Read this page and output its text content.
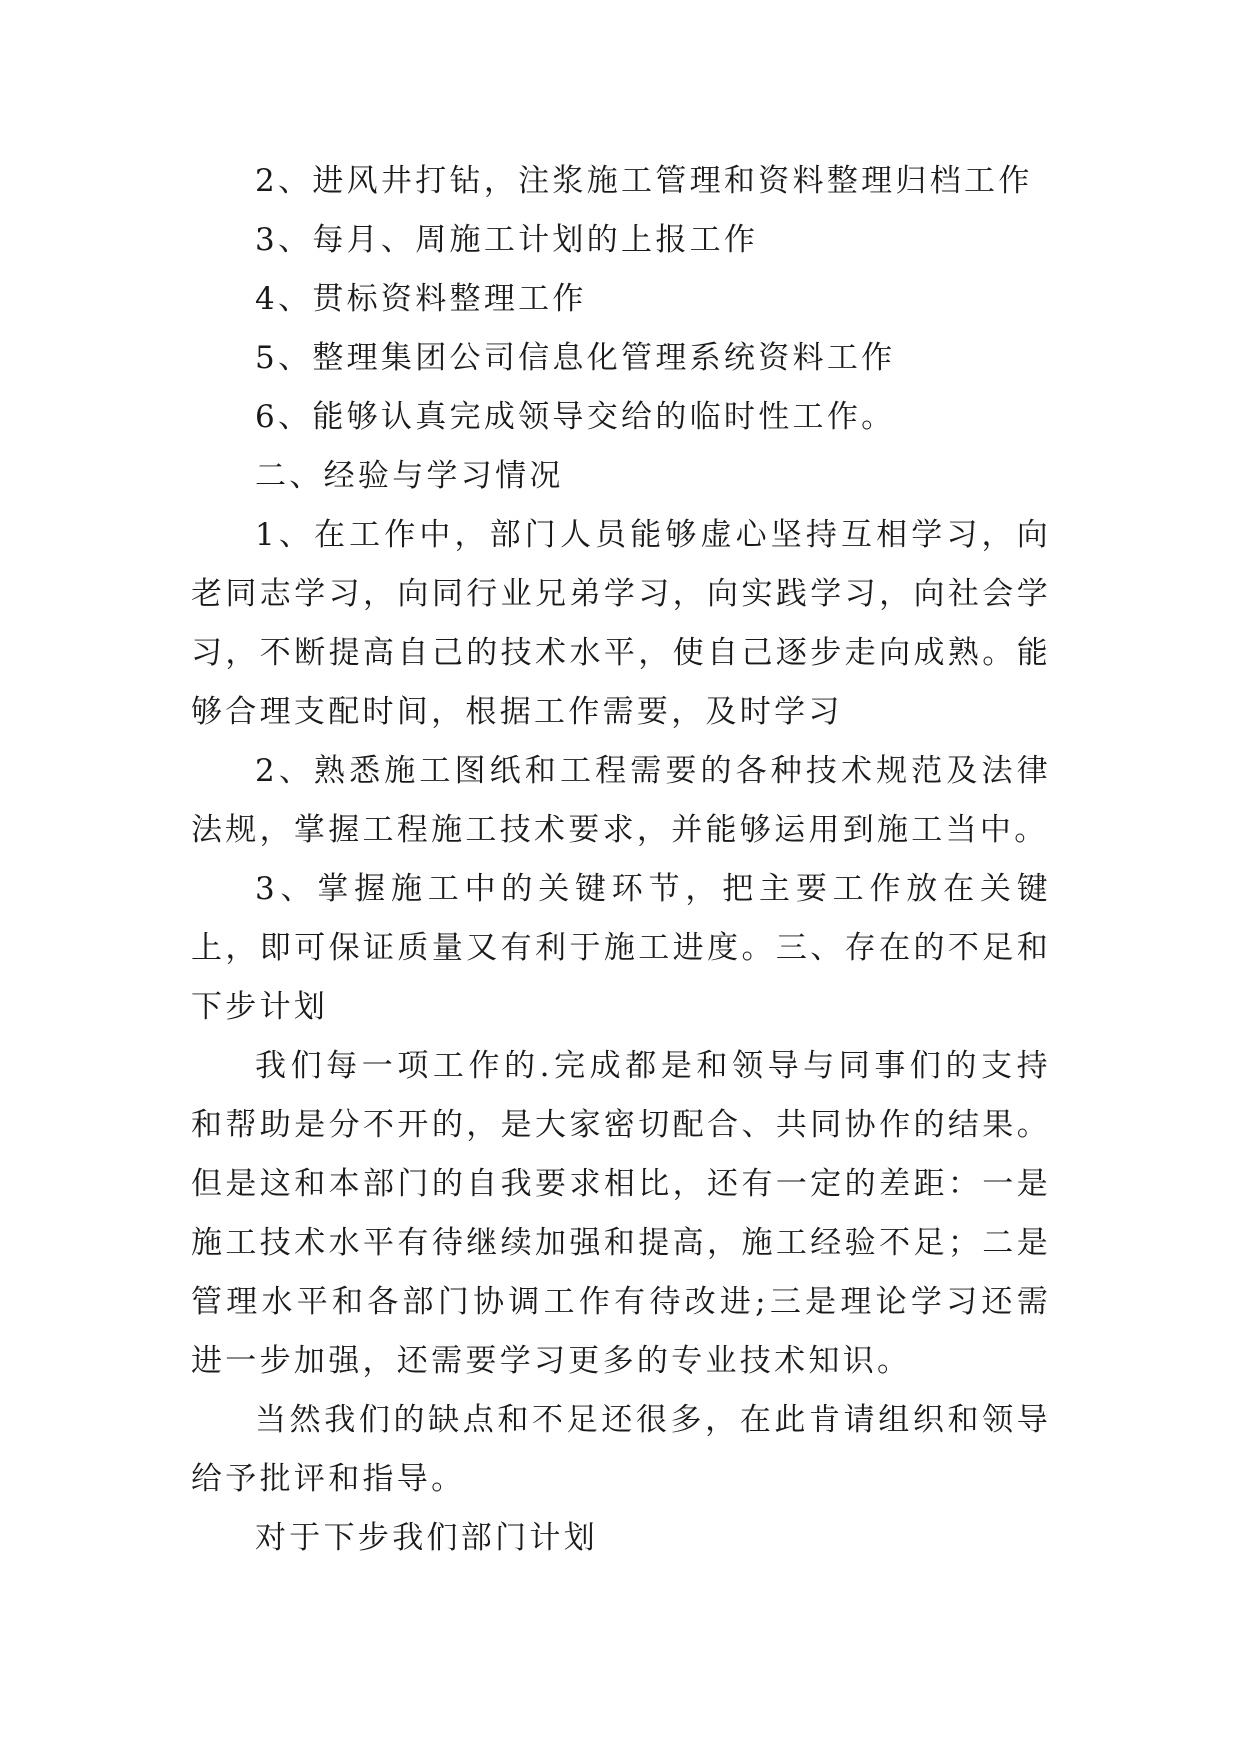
2、进风井打钻，注浆施工管理和资料整理归档工作

3、每月、周施工计划的上报工作

4、贯标资料整理工作

5、整理集团公司信息化管理系统资料工作

6、能够认真完成领导交给的临时性工作。

二、经验与学习情况

1、在工作中，部门人员能够虚心坚持互相学习，向老同志学习，向同行业兄弟学习，向实践学习，向社会学习，不断提高自己的技术水平，使自己逐步走向成熟。能够合理支配时间，根据工作需要，及时学习

2、熟悉施工图纸和工程需要的各种技术规范及法律法规，掌握工程施工技术要求，并能够运用到施工当中。

3、掌握施工中的关键环节，把主要工作放在关键上，即可保证质量又有利于施工进度。三、存在的不足和下步计划

我们每一项工作的.完成都是和领导与同事们的支持和帮助是分不开的，是大家密切配合、共同协作的结果。但是这和本部门的自我要求相比，还有一定的差距：一是施工技术水平有待继续加强和提高，施工经验不足；二是管理水平和各部门协调工作有待改进;三是理论学习还需进一步加强，还需要学习更多的专业技术知识。

当然我们的缺点和不足还很多，在此肯请组织和领导给予批评和指导。

对于下步我们部门计划
